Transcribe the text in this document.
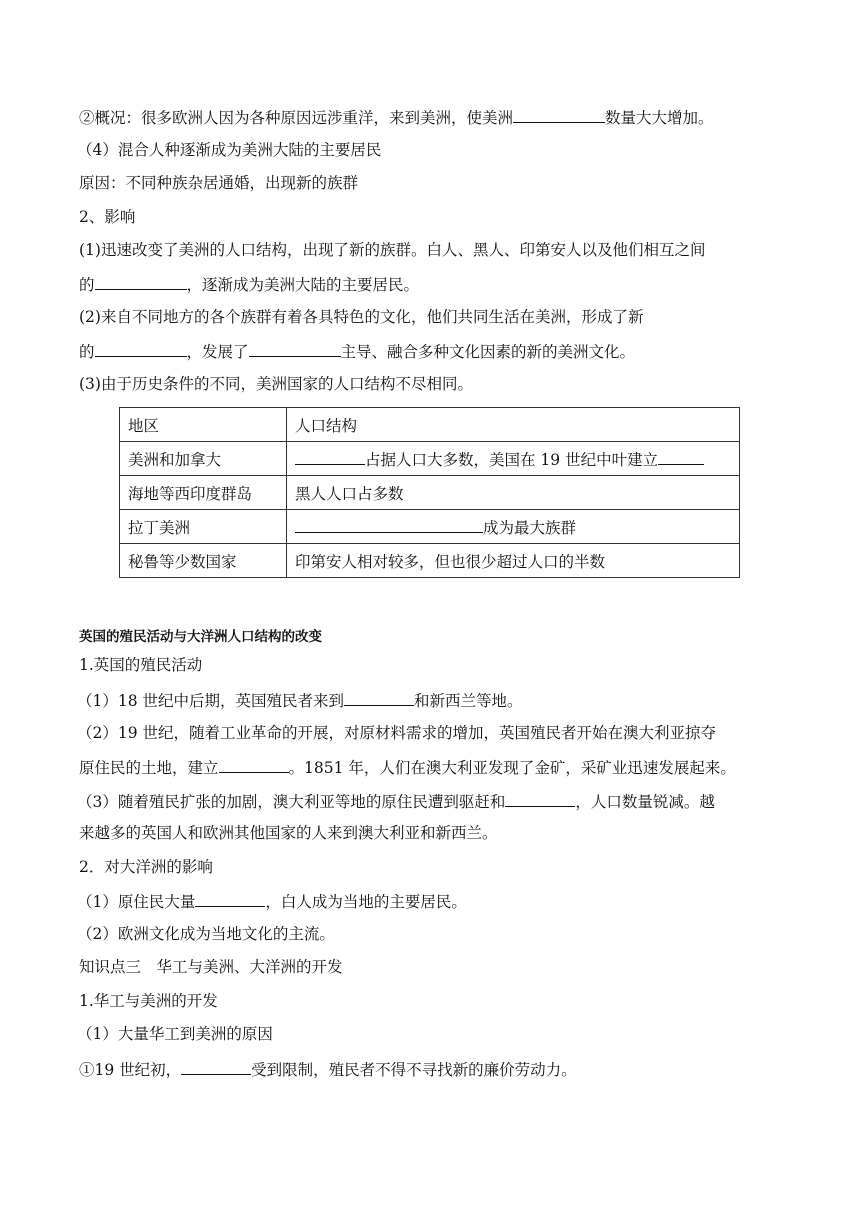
②概况：很多欧洲人因为各种原因远涉重洋，来到美洲，使美洲	数量大大增加。
（4）混合人种逐渐成为美洲大陆的主要居民
原因：不同种族杂居通婚，出现新的族群
2、影响
(1)迅速改变了美洲的人口结构，出现了新的族群。白人、黑人、印第安人以及他们相互之间
的	，逐渐成为美洲大陆的主要居民。
(2)来自不同地方的各个族群有着各具特色的文化，他们共同生活在美洲，形成了新
的	，发展了	主导、融合多种文化因素的新的美洲文化。
(3)由于历史条件的不同，美洲国家的人口结构不尽相同。
地区	人口结构
美洲和加拿大	占据人口大多数，美国在 19 世纪中叶建立
海地等西印度群岛	黑人人口占多数
拉丁美洲	成为最大族群
秘鲁等少数国家	印第安人相对较多，但也很少超过人口的半数
英国的殖民活动与大洋洲人口结构的改变
1.英国的殖民活动
（1）18 世纪中后期，英国殖民者来到	和新西兰等地。
（2）19 世纪，随着工业革命的开展，对原材料需求的增加，英国殖民者开始在澳大利亚掠夺
原住民的土地，建立	。1851 年，人们在澳大利亚发现了金矿，采矿业迅速发展起来。
（3）随着殖民扩张的加剧，澳大利亚等地的原住民遭到驱赶和	，人口数量锐减。越
来越多的英国人和欧洲其他国家的人来到澳大利亚和新西兰。
2．对大洋洲的影响
（1）原住民大量	，白人成为当地的主要居民。
（2）欧洲文化成为当地文化的主流。
知识点三　华工与美洲、大洋洲的开发
1.华工与美洲的开发
（1）大量华工到美洲的原因
①19 世纪初，	受到限制，殖民者不得不寻找新的廉价劳动力。
